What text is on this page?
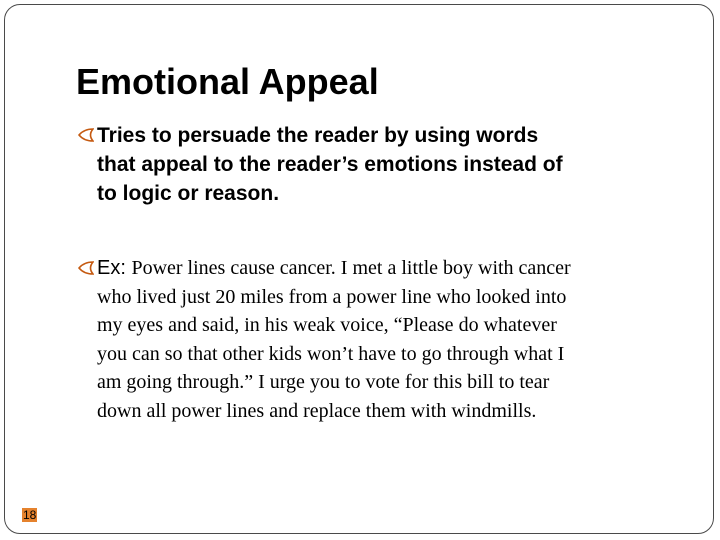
Emotional Appeal
Tries to persuade the reader by using words
that appeal to the reader’s emotions instead of
to logic or reason.
Ex: Power lines cause cancer. I met a little boy with cancer
who lived just 20 miles from a power line who looked into
my eyes and said, in his weak voice, “Please do whatever
you can so that other kids won’t have to go through what I
am going through.” I urge you to vote for this bill to tear
down all power lines and replace them with windmills.
18
